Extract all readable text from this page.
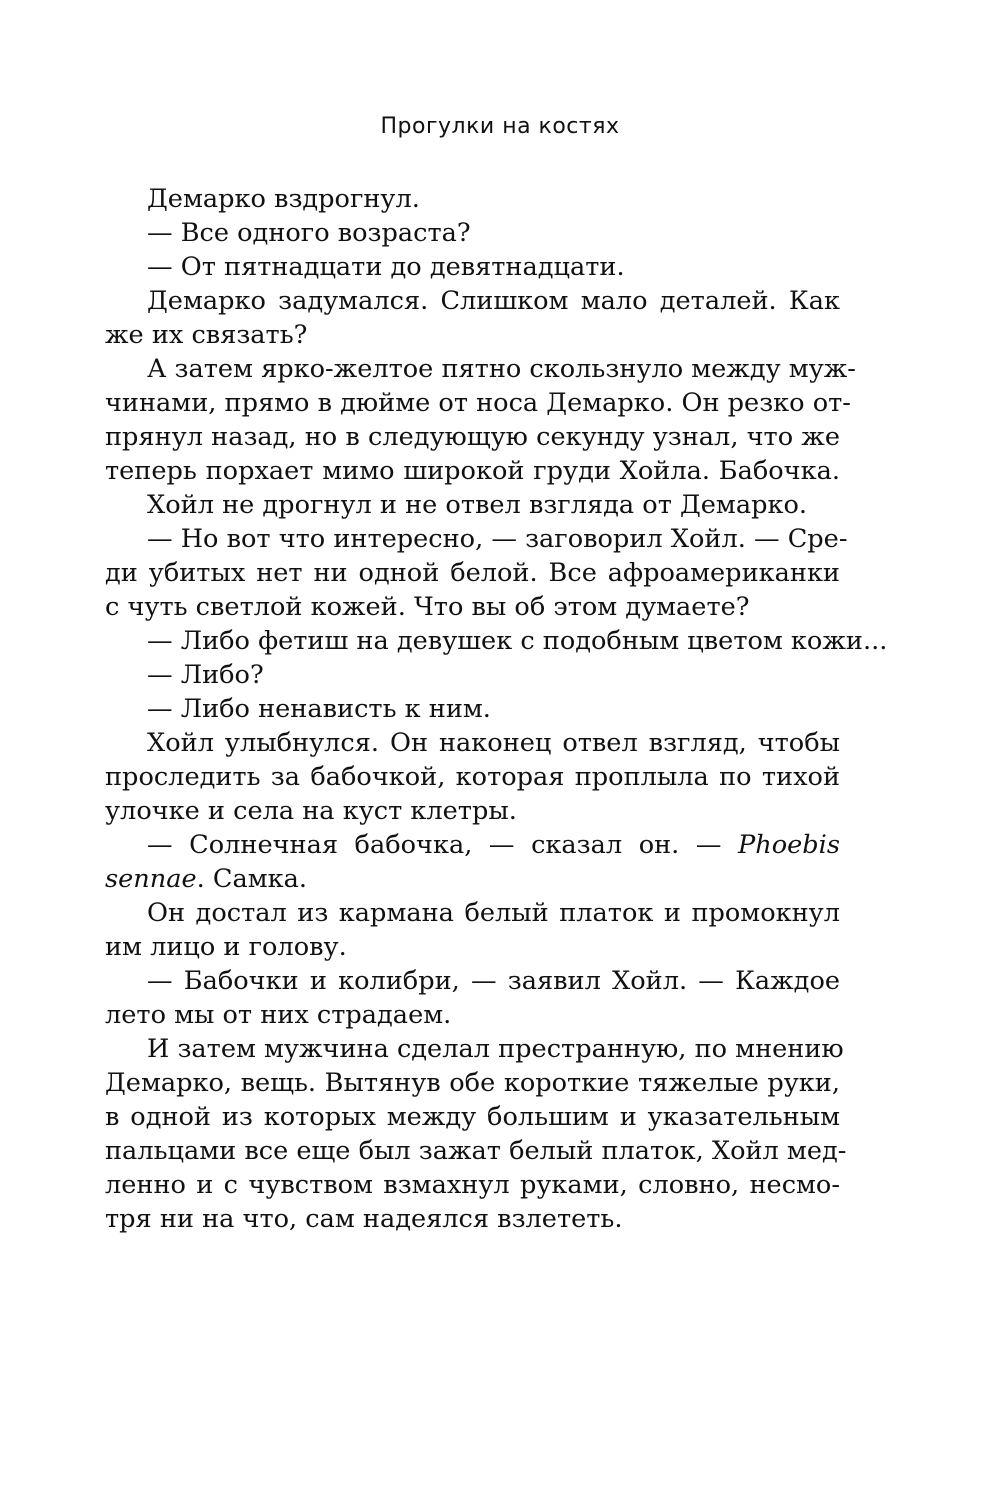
Прогулки на костях
Демарко вздрогнул.
— Все одного возраста?
— От пятнадцати до девятнадцати.
Демарко задумался. Слишком мало деталей. Как
же их связать?
А затем ярко-желтое пятно скользнуло между муж-
чинами, прямо в дюйме от носа Демарко. Он резко от-
прянул назад, но в следующую секунду узнал, что же
теперь порхает мимо широкой груди Хойла. Бабочка.
Хойл не дрогнул и не отвел взгляда от Демарко.
— Но вот что интересно, — заговорил Хойл. — Сре-
ди убитых нет ни одной белой. Все афроамериканки
с чуть светлой кожей. Что вы об этом думаете?
— Либо фетиш на девушек с подобным цветом кожи...
— Либо?
— Либо ненависть к ним.
Хойл улыбнулся. Он наконец отвел взгляд, чтобы
проследить за бабочкой, которая проплыла по тихой
улочке и села на куст клетры.
— Солнечная бабочка, — сказал он. — Phoebis
sennae. Самка.
Он достал из кармана белый платок и промокнул
им лицо и голову.
— Бабочки и колибри, — заявил Хойл. — Каждое
лето мы от них страдаем.
И затем мужчина сделал престранную, по мнению
Демарко, вещь. Вытянув обе короткие тяжелые руки,
в одной из которых между большим и указательным
пальцами все еще был зажат белый платок, Хойл мед-
ленно и с чувством взмахнул руками, словно, несмо-
тря ни на что, сам надеялся взлететь.
